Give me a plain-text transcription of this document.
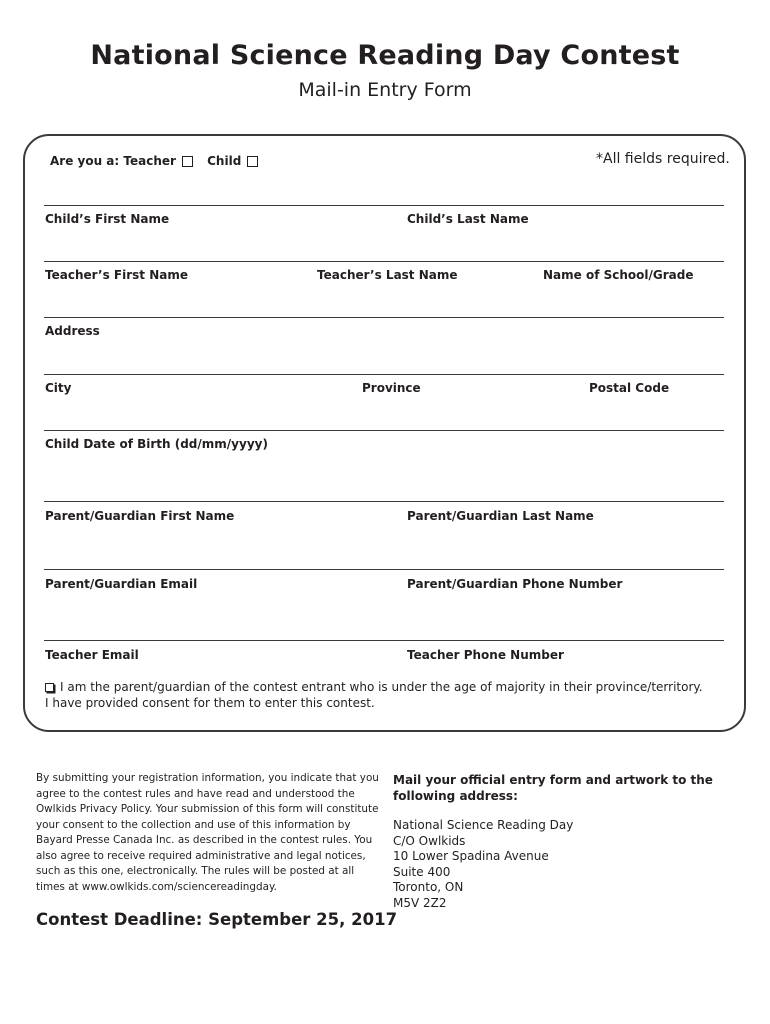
National Science Reading Day Contest
Mail-in Entry Form
Are you a: Teacher	Child	*All fields required.
Child’s First Name	Child’s Last Name
Teacher’s First Name	Teacher’s Last Name	Name of School/Grade
Address
City	Province	Postal Code
Child Date of Birth (dd/mm/yyyy)
Parent/Guardian First Name	Parent/Guardian Last Name
Parent/Guardian Email	Parent/Guardian Phone Number
Teacher Email	Teacher Phone Number
I am the parent/guardian of the contest entrant who is under the age of majority in their province/territory.
I have provided consent for them to enter this contest.
By submitting your registration information, you indicate that you agree to the contest rules and have read and understood the Owlkids Privacy Policy. Your submission of this form will constitute your consent to the collection and use of this information by Bayard Presse Canada Inc. as described in the contest rules. You also agree to receive required administrative and legal notices, such as this one, electronically. The rules will be posted at all times at www.owlkids.com/sciencereadingday.
Contest Deadline: September 25, 2017
Mail your official entry form and artwork to the following address:
National Science Reading Day
C/O Owlkids
10 Lower Spadina Avenue
Suite 400
Toronto, ON
M5V 2Z2
